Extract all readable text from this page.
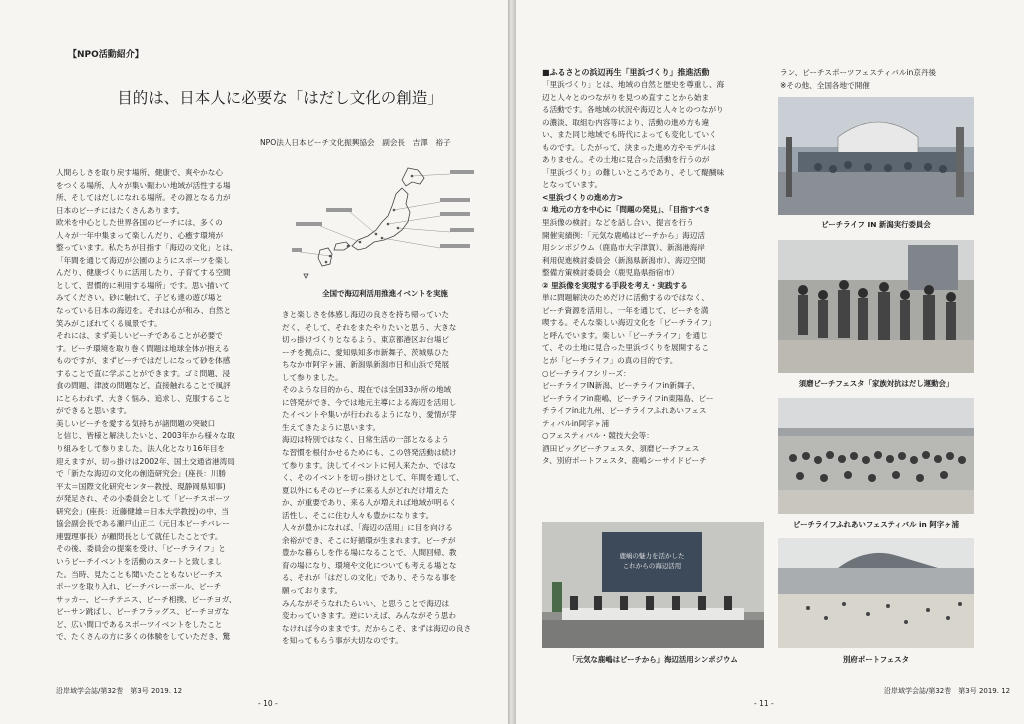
【NPO活動紹介】
目的は、日本人に必要な「はだし文化の創造」
NPO法人日本ビーチ文化振興協会　副会長　吉澤　裕子
全国で海辺利活用推進イベントを実施
人間らしさを取り戻す場所、健康で、爽やかな心
をつくる場所、人々が集い賑わい地域が活性する場
所、そしてはだしになれる場所。その源となる力が
日本のビーチにはたくさんあります。
欧米を中心とした世界各国のビーチには、多くの
人々が一年中集まって楽しんだり、心癒す環境が
整っています。私たちが目指す「海辺の文化」とは、
「年間を通じて海辺が公園のようにスポーツを楽し
んだり、健康づくりに活用したり、子育てする空間
として、習慣的に利用する場所」です。思い描いて
みてください。砂に触れて、子ども達の遊び場と
なっている日本の海辺を。それは心が和み、自然と
笑みがこぼれてくる風景です。
それには、まず美しいビーチであることが必要で
す。ビーチ環境を取り巻く問題は地球全体が抱える
ものですが、まずビーチではだしになって砂を体感
することで直に学ぶことができます。ゴミ問題、浸
食の問題、津波の問題など、直接触れることで風評
にとらわれず、大きく悩み、追求し、克服すること
ができると思います。
美しいビーチを愛する気持ちが諸問題の突破口
と信じ、皆様と解決したいと、2003年から様々な取
り組みをして参りました。法人化となり16年目を
迎えますが、切っ掛けは2002年、国土交通省港湾局
で「新たな海辺の文化の創造研究会」(座長：川勝
平太＝国際文化研究センター教授、現静岡県知事)
が発足され、その小委員会として「ビーチスポーツ
研究会」(座長：近藤健雄＝日本大学教授)の中、当
協会副会長である瀬戸山正二（元日本ビーチバレー
連盟理事長）が顧問長として就任したことです。
その後、委員会の提案を受け、「ビーチライフ」と
いうビーチイベントを活動のスタートと致しまし
た。当時、見たことも聞いたこともないビーチス
ポーツを取り入れ、ビーチバレーボール、ビーチ
サッカー、ビーチテニス、ビーチ相撲、ビーチヨガ、
ビーサン跳ばし、ビーチフラッグス、ビーチヨガな
ど、広い間口であるスポーツイベントをしたこと
で、たくさんの方に多くの体験をしていただき、驚
きと楽しさを体感し海辺の良さを持ち帰っていた
だく、そして、それをまたやりたいと思う、大きな
切っ掛けづくりとなるよう、東京都港区お台場ビ
ーチを拠点に、愛知県知多市新舞子、茨城県ひた
ちなか市阿字ヶ浦、新潟県新潟市日和山浜で発展
して参りました。
そのような目的から、現在では全国33か所の地域
に啓発ができ、今では地元主導による海辺を活用し
たイベントや集いが行われるようになり、愛情が芽
生えてきたように思います。
海辺は特別ではなく、日常生活の一部となるよう
な習慣を根付かせるためにも、この啓発活動は続け
て参ります。決してイベントに何人来たか、ではな
く、そのイベントを切っ掛けとして、年間を通して、
夏以外にもそのビーチに来る人がどれだけ増えた
か、が重要であり、来る人が増えれば地域が明るく
活性し、そこに住む人々も豊かになります。
人々が豊かになれば、「海辺の活用」に目を向ける
余裕ができ、そこに好循環が生まれます。ビーチが
豊かな暮らしを作る場になることで、人間回帰、教
育の場になり、環境や文化についても考える場とな
る、それが「はだしの文化」であり、そうなる事を
願っております。
みんながそうなれたらいい、と思うことで海辺は
変わっていきます。逆にいえば、みんながそう思わ
なければ今のままです。だからこそ、まずは海辺の良さ
を知ってもらう事が大切なのです。
沿岸域学会誌/第32巻　第3号 2019. 12
- 10 -
■ふるさとの浜辺再生「里浜づくり」推進活動
「里浜づくり」とは、地域の自然と歴史を尊重し、海
辺と人々とのつながりを見つめ直すことから始ま
る活動です。各地域の状況や海辺と人々とのつながり
の濃淡、取組む内容等により、活動の進め方も違
い、また同じ地域でも時代によっても変化していく
ものです。したがって、決まった進め方やモデルは
ありません。その土地に見合った活動を行うのが
「里浜づくり」の難しいところであり、そして醍醐味
となっています。
<里浜づくりの進め方>
① 地元の方を中心に「問題の発見」、「目指すべき
里浜像の検討」などを話し合い、提言を行う
開催実績例：「元気な鹿嶋はビーチから」海辺活
用シンポジウム（鹿島市大字津賀）、新潟港海岸
利用促進検討委員会（新潟県新潟市）、海辺空間
整備方策検討委員会（鹿児島県指宿市）
② 里浜像を実現する手段を考え・実践する
単に問題解決のためだけに活動するのではなく、
ビーチ資源を活用し、一年を通じて、ビーチを満
喫する。そんな楽しい海辺文化を「ビーチライフ」
と呼んでいます。楽しい「ビーチライフ」を通じ
て、その土地に見合った里浜づくりを展開するこ
とが「ビーチライフ」の真の目的です。
○ビーチライフシリーズ：
ビーチライフIN新潟、ビーチライフin新舞子、
ビーチライフin鹿嶋、ビーチライフin東陽島、ビー
チライフin北九州、ビーチライフふれあいフェス
ティバルin阿字ヶ浦
○フェスティバル・競技大会等：
酒田ビッグビーチフェスタ、須磨ビーチフェス
タ、別府ポートフェスタ、鹿嶋シーサイドビーチ
ラン、ビーチスポーツフェスティバルin京丹後
※その他、全国各地で開催
ビーチライフ IN 新潟実行委員会
須磨ビーチフェスタ「家族対抗はだし運動会」
ビーチライフふれあいフェスティバル in 阿字ヶ浦
鹿嶋の魅力を活かした
これからの海辺活用
「元気な鹿嶋はビーチから」海辺活用シンポジウム	別府ポートフェスタ
沿岸域学会誌/第32巻　第3号 2019. 12
- 11 -
